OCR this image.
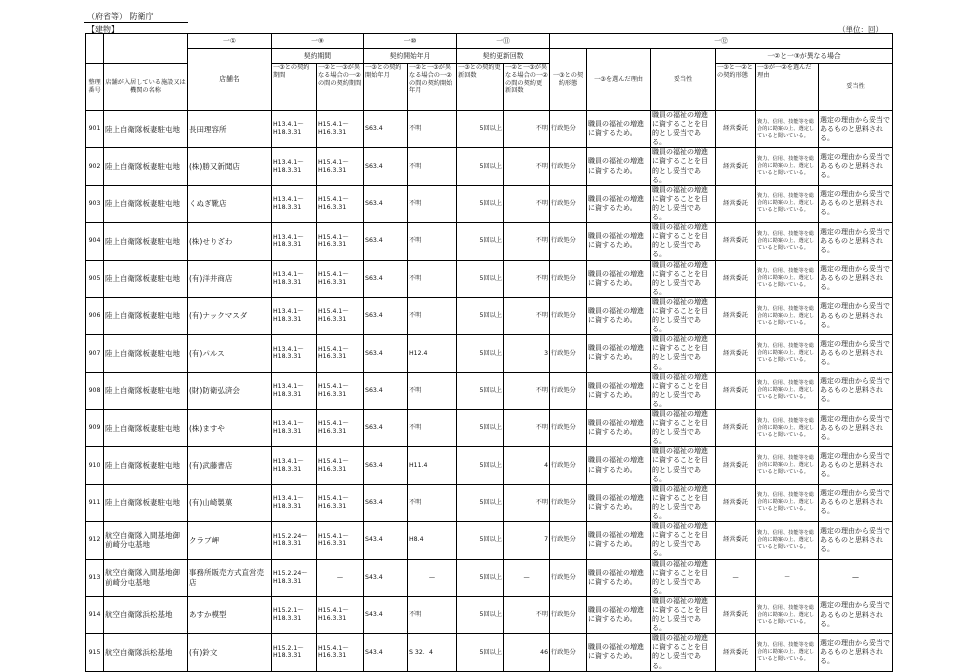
（府省等） 防衛庁
【建物】	（単位：回）
		一①	一⑨		一⑩		一⑪		一⑫					
		店舗名	契約期間		契約開始年月		契約更新回数		一③との契約形態	一③を選んだ理由	妥当性	一②と一③が異なる場合		
整理番号	店舗が入居している施設又は機関の名称		一③との契約期間	一②と一③が異なる場合の一②の間の契約期間	一③との契約開始年月	一②と一③が異なる場合の一②の間の契約開始年月	一③との契約更新回数	一②と一③が異なる場合の一②の間の契約更新回数				一③と一②との契約形態	一③が一②を選んだ理由	妥当性
901	陸上自衛隊板妻駐屯地	長田理容所	H13.4.1～ H18.3.31	H15.4.1～ H16.3.31	S63.4	不明	5回以上	不明	行政処分	職員の福祉の増進に資するため。	職員の福祉の増進に資することを目的とし妥当である。	経営委託	資力、信用、技能等を総合的に勘案の上、選定していると聞いている。	選定の理由から妥当であるものと思料される。
902	陸上自衛隊板妻駐屯地	(株)勝又新聞店	H13.4.1～ H18.3.31	H15.4.1～ H16.3.31	S63.4	不明	5回以上	不明	行政処分	職員の福祉の増進に資するため。	職員の福祉の増進に資することを目的とし妥当である。	経営委託	資力、信用、技能等を総合的に勘案の上、選定していると聞いている。	選定の理由から妥当であるものと思料される。
903	陸上自衛隊板妻駐屯地	くぬぎ靴店	H13.4.1～ H18.3.31	H15.4.1～ H16.3.31	S63.4	不明	5回以上	不明	行政処分	職員の福祉の増進に資するため。	職員の福祉の増進に資することを目的とし妥当である。	経営委託	資力、信用、技能等を総合的に勘案の上、選定していると聞いている。	選定の理由から妥当であるものと思料される。
904	陸上自衛隊板妻駐屯地	(株)せりざわ	H13.4.1～ H18.3.31	H15.4.1～ H16.3.31	S63.4	不明	5回以上	不明	行政処分	職員の福祉の増進に資するため。	職員の福祉の増進に資することを目的とし妥当である。	経営委託	資力、信用、技能等を総合的に勘案の上、選定していると聞いている。	選定の理由から妥当であるものと思料される。
905	陸上自衛隊板妻駐屯地	(有)洋井商店	H13.4.1～ H18.3.31	H15.4.1～ H16.3.31	S63.4	不明	5回以上	不明	行政処分	職員の福祉の増進に資するため。	職員の福祉の増進に資することを目的とし妥当である。	経営委託	資力、信用、技能等を総合的に勘案の上、選定していると聞いている。	選定の理由から妥当であるものと思料される。
906	陸上自衛隊板妻駐屯地	(有)ナックマスダ	H13.4.1～ H18.3.31	H15.4.1～ H16.3.31	S63.4	不明	5回以上	不明	行政処分	職員の福祉の増進に資するため。	職員の福祉の増進に資することを目的とし妥当である。	経営委託	資力、信用、技能等を総合的に勘案の上、選定していると聞いている。	選定の理由から妥当であるものと思料される。
907	陸上自衛隊板妻駐屯地	(有)パルス	H13.4.1～ H18.3.31	H15.4.1～ H16.3.31	S63.4	H12.4	5回以上	3	行政処分	職員の福祉の増進に資するため。	職員の福祉の増進に資することを目的とし妥当である。	経営委託	資力、信用、技能等を総合的に勘案の上、選定していると聞いている。	選定の理由から妥当であるものと思料される。
908	陸上自衛隊板妻駐屯地	(財)防衛弘済会	H13.4.1～ H18.3.31	H15.4.1～ H16.3.31	S63.4	不明	5回以上	不明	行政処分	職員の福祉の増進に資するため。	職員の福祉の増進に資することを目的とし妥当である。	経営委託	資力、信用、技能等を総合的に勘案の上、選定していると聞いている。	選定の理由から妥当であるものと思料される。
909	陸上自衛隊板妻駐屯地	(株)ますや	H13.4.1～ H18.3.31	H15.4.1～ H16.3.31	S63.4	不明	5回以上	不明	行政処分	職員の福祉の増進に資するため。	職員の福祉の増進に資することを目的とし妥当である。	経営委託	資力、信用、技能等を総合的に勘案の上、選定していると聞いている。	選定の理由から妥当であるものと思料される。
910	陸上自衛隊板妻駐屯地	(有)武藤書店	H13.4.1～ H18.3.31	H15.4.1～ H16.3.31	S63.4	H11.4	5回以上	4	行政処分	職員の福祉の増進に資するため。	職員の福祉の増進に資することを目的とし妥当である。	経営委託	資力、信用、技能等を総合的に勘案の上、選定していると聞いている。	選定の理由から妥当であるものと思料される。
911	陸上自衛隊板妻駐屯地	(有)山崎製菓	H13.4.1～ H18.3.31	H15.4.1～ H16.3.31	S63.4	不明	5回以上	不明	行政処分	職員の福祉の増進に資するため。	職員の福祉の増進に資することを目的とし妥当である。	経営委託	資力、信用、技能等を総合的に勘案の上、選定していると聞いている。	選定の理由から妥当であるものと思料される。
912	航空自衛隊入間基地御前崎分屯基地	クラブ岬	H15.2.24～ H18.3.31	H15.4.1～ H16.3.31	S43.4	H8.4	5回以上	7	行政処分	職員の福祉の増進に資するため。	職員の福祉の増進に資することを目的とし妥当である。	経営委託	資力、信用、技能等を総合的に勘案の上、選定していると聞いている。	選定の理由から妥当であるものと思料される。
913	航空自衛隊入間基地御前崎分屯基地	事務所販売方式直営売店	H15.2.24～ H18.3.31	—	S43.4	—	5回以上	—	行政処分	職員の福祉の増進に資するため。	職員の福祉の増進に資することを目的とし妥当である。	—	—	—
914	航空自衛隊浜松基地	あすか模型	H15.2.1～ H18.3.31	H15.4.1～ H16.3.31	S43.4	不明	5回以上	不明	行政処分	職員の福祉の増進に資するため。	職員の福祉の増進に資することを目的とし妥当である。	経営委託	資力、信用、技能等を総合的に勘案の上、選定していると聞いている。	選定の理由から妥当であるものと思料される。
915	航空自衛隊浜松基地	(有)鈴文	H15.2.1～ H18.3.31	H15.4.1～ H16.3.31	S43.4	S 32．4	5回以上	46	行政処分	職員の福祉の増進に資するため。	職員の福祉の増進に資することを目的とし妥当である。	経営委託	資力、信用、技能等を総合的に勘案の上、選定していると聞いている。	選定の理由から妥当であるものと思料される。
